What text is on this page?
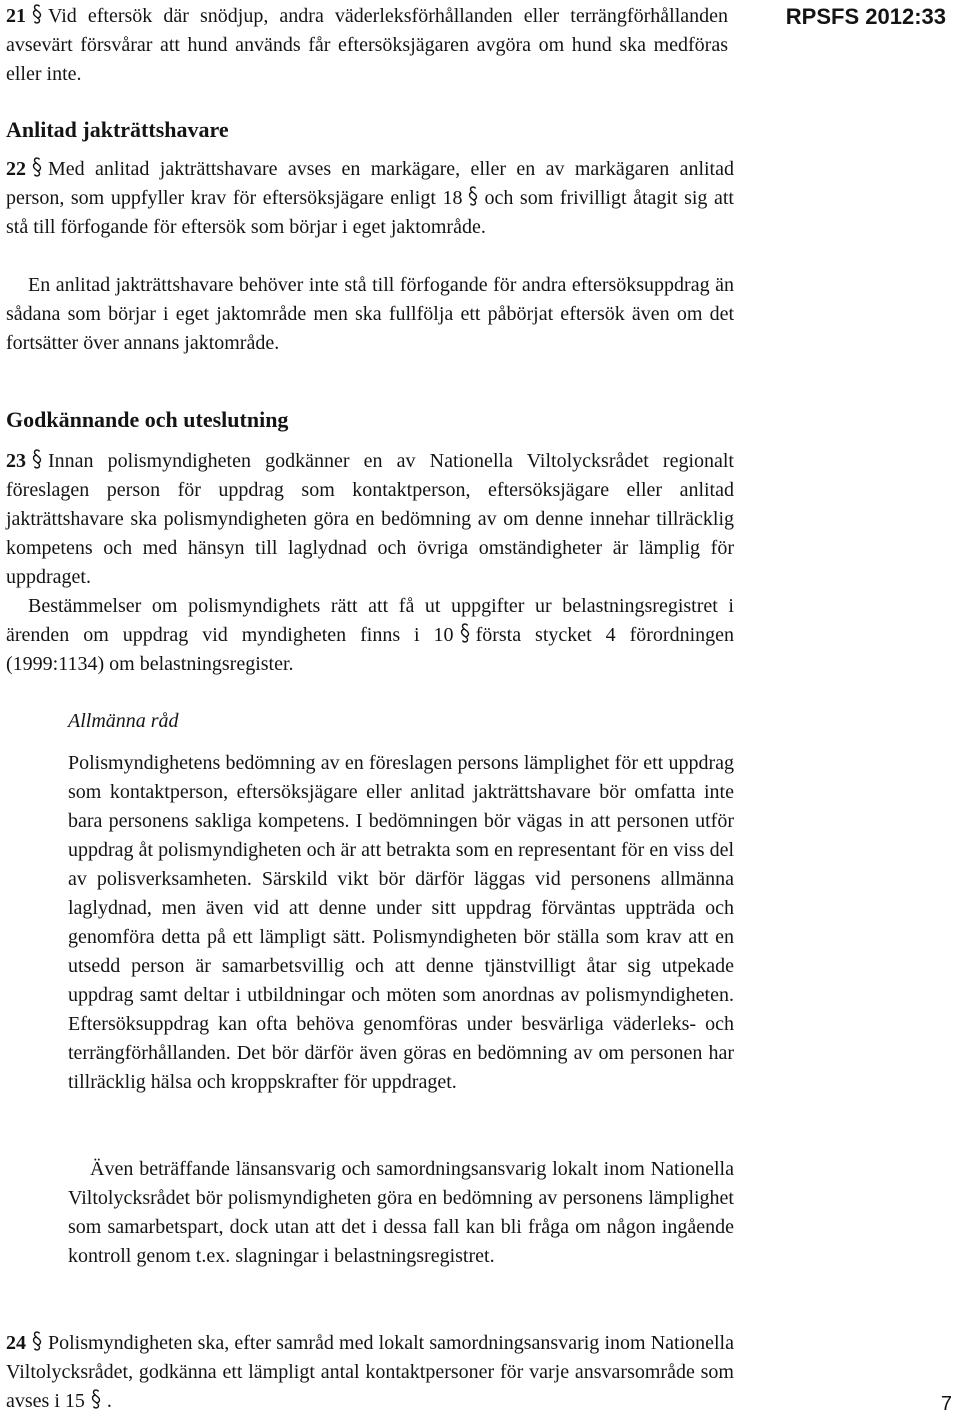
21 Vid eftersök där snödjup, andra väderleksförhållanden eller terrängförhållanden avsevärt försvårar att hund används får eftersöksjägaren avgöra om hund ska medföras eller inte.
RPSFS 2012:33
Anlitad jakträttshavare
22 Med anlitad jakträttshavare avses en markägare, eller en av markägaren anlitad person, som uppfyller krav för eftersöksjägare enligt 18 och som frivilligt åtagit sig att stå till förfogande för eftersök som börjar i eget jaktområde.
En anlitad jakträttshavare behöver inte stå till förfogande för andra eftersöksuppdrag än sådana som börjar i eget jaktområde men ska fullfölja ett påbörjat eftersök även om det fortsätter över annans jaktområde.
Godkännande och uteslutning
23 Innan polismyndigheten godkänner en av Nationella Viltolycksrådet regionalt föreslagen person för uppdrag som kontaktperson, eftersöksjägare eller anlitad jakträttshavare ska polismyndigheten göra en bedömning av om denne innehar tillräcklig kompetens och med hänsyn till laglydnad och övriga omständigheter är lämplig för uppdraget.
Bestämmelser om polismyndighets rätt att få ut uppgifter ur belastningsregistret i ärenden om uppdrag vid myndigheten finns i 10 första stycket 4 förordningen (1999:1134) om belastningsregister.
Allmänna råd
Polismyndighetens bedömning av en föreslagen persons lämplighet för ett uppdrag som kontaktperson, eftersöksjägare eller anlitad jakträttshavare bör omfatta inte bara personens sakliga kompetens. I bedömningen bör vägas in att personen utför uppdrag åt polismyndigheten och är att betrakta som en representant för en viss del av polisverksamheten. Särskild vikt bör därför läggas vid personens allmänna laglydnad, men även vid att denne under sitt uppdrag förväntas uppträda och genomföra detta på ett lämpligt sätt. Polismyndigheten bör ställa som krav att en utsedd person är samarbetsvillig och att denne tjänstvilligt åtar sig utpekade uppdrag samt deltar i utbildningar och möten som anordnas av polismyndigheten. Eftersöksuppdrag kan ofta behöva genomföras under besvärliga väderleks- och terrängförhållanden. Det bör därför även göras en bedömning av om personen har tillräcklig hälsa och kroppskrafter för uppdraget.
Även beträffande länsansvarig och samordningsansvarig lokalt inom Nationella Viltolycksrådet bör polismyndigheten göra en bedömning av personens lämplighet som samarbetspart, dock utan att det i dessa fall kan bli fråga om någon ingående kontroll genom t.ex. slagningar i belastningsregistret.
24 Polismyndigheten ska, efter samråd med lokalt samordningsansvarig inom Nationella Viltolycksrådet, godkänna ett lämpligt antal kontaktpersoner för varje ansvarsområde som avses i 15 .	7
